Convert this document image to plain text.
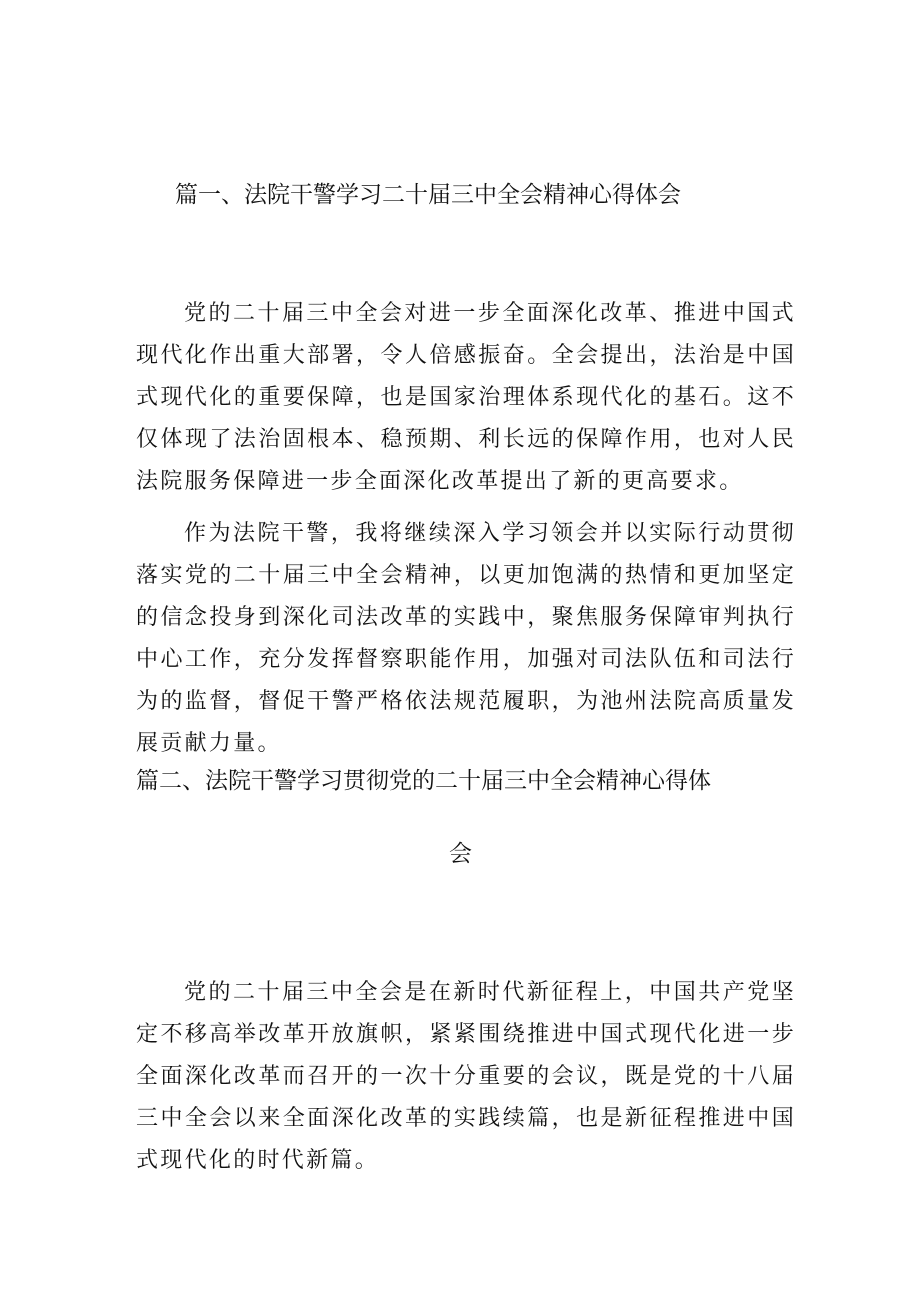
篇一、法院干警学习二十届三中全会精神心得体会

党的二十届三中全会对进一步全面深化改革、推进中国式现代化作出重大部署，令人倍感振奋。全会提出，法治是中国式现代化的重要保障，也是国家治理体系现代化的基石。这不仅体现了法治固根本、稳预期、利长远的保障作用，也对人民法院服务保障进一步全面深化改革提出了新的更高要求。

作为法院干警，我将继续深入学习领会并以实际行动贯彻落实党的二十届三中全会精神，以更加饱满的热情和更加坚定的信念投身到深化司法改革的实践中，聚焦服务保障审判执行中心工作，充分发挥督察职能作用，加强对司法队伍和司法行为的监督，督促干警严格依法规范履职，为池州法院高质量发展贡献力量。

篇二、法院干警学习贯彻党的二十届三中全会精神心得体
会

党的二十届三中全会是在新时代新征程上，中国共产党坚定不移高举改革开放旗帜，紧紧围绕推进中国式现代化进一步全面深化改革而召开的一次十分重要的会议，既是党的十八届三中全会以来全面深化改革的实践续篇，也是新征程推进中国式现代化的时代新篇。
